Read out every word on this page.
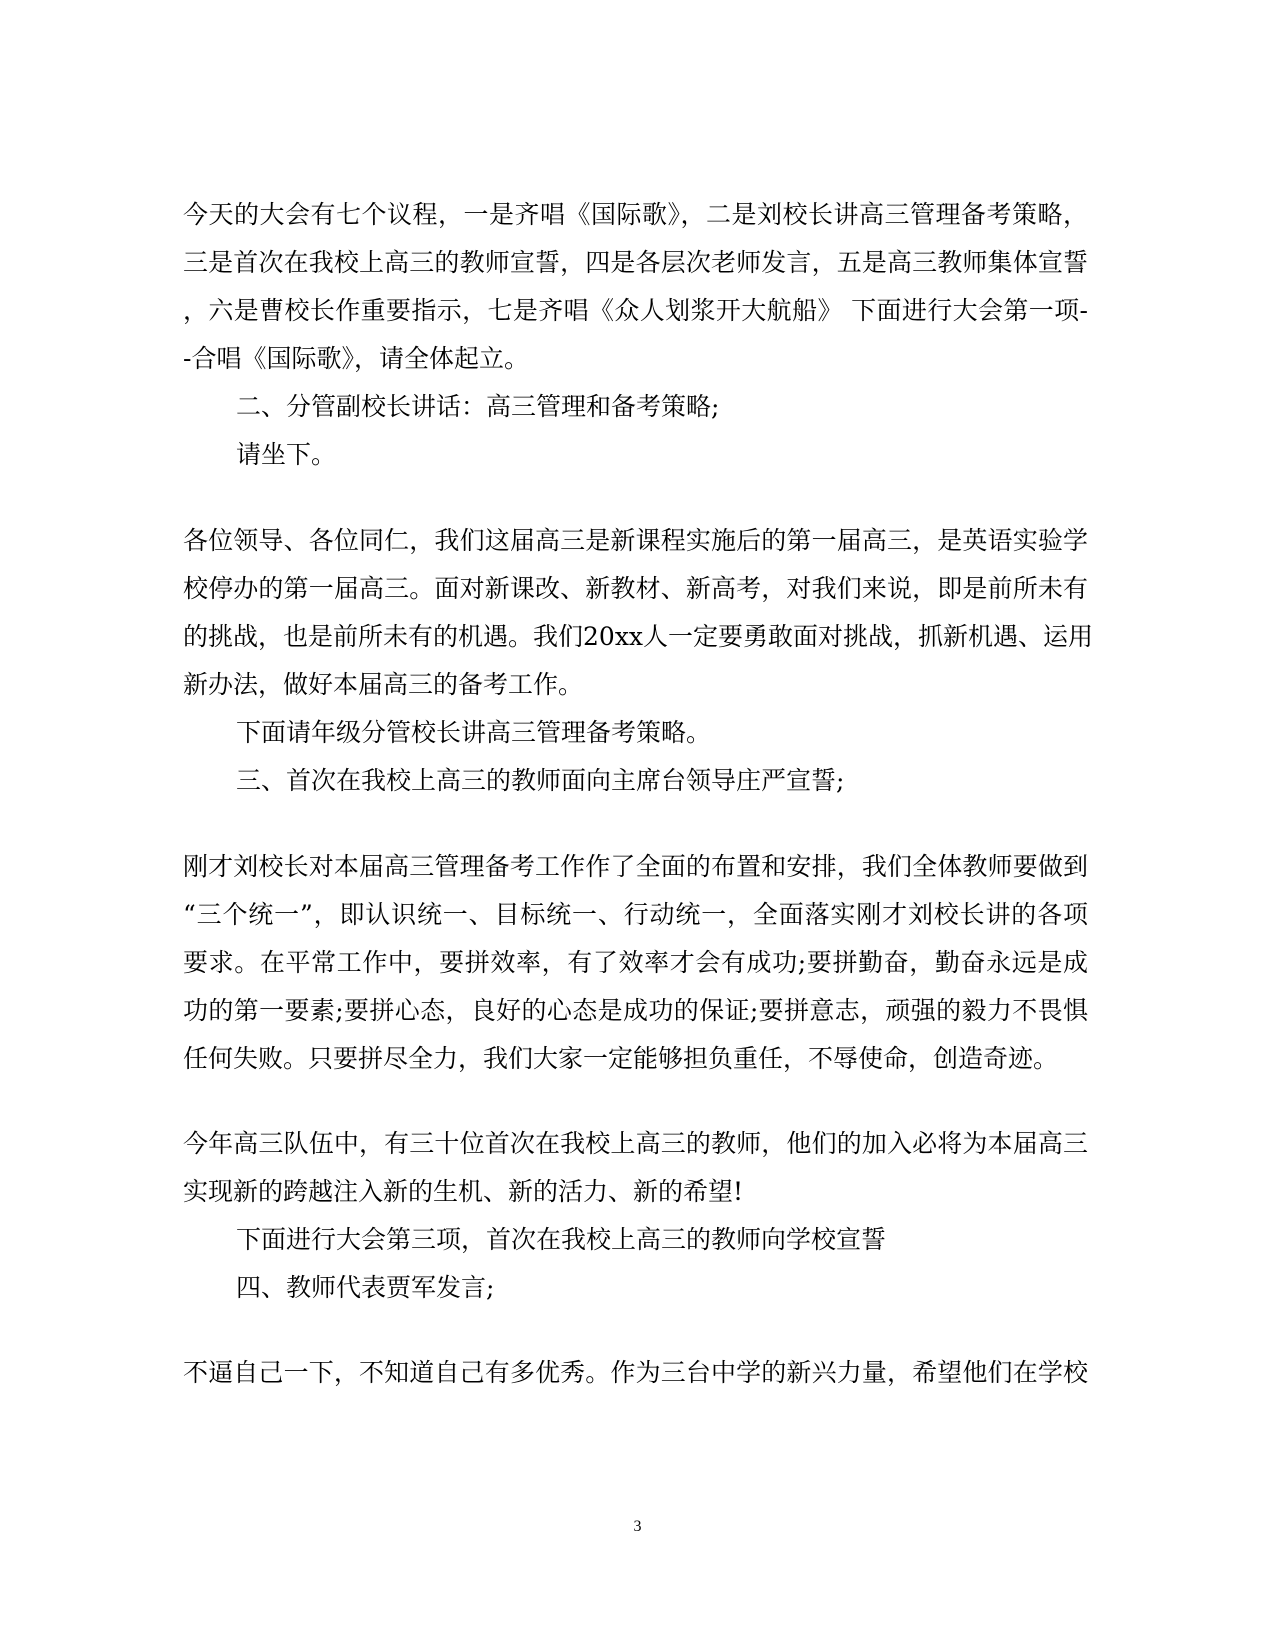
今天的大会有七个议程，一是齐唱《国际歌》，二是刘校长讲高三管理备考策略，
三是首次在我校上高三的教师宣誓，四是各层次老师发言，五是高三教师集体宣誓
，六是曹校长作重要指示，七是齐唱《众人划浆开大航船》 下面进行大会第一项-
-合唱《国际歌》，请全体起立。
二、分管副校长讲话：高三管理和备考策略;
请坐下。
各位领导、各位同仁，我们这届高三是新课程实施后的第一届高三，是英语实验学
校停办的第一届高三。面对新课改、新教材、新高考，对我们来说，即是前所未有
的挑战，也是前所未有的机遇。我们20xx人一定要勇敢面对挑战，抓新机遇、运用
新办法，做好本届高三的备考工作。
下面请年级分管校长讲高三管理备考策略。
三、首次在我校上高三的教师面向主席台领导庄严宣誓;
刚才刘校长对本届高三管理备考工作作了全面的布置和安排，我们全体教师要做到
“三个统一”，即认识统一、目标统一、行动统一，全面落实刚才刘校长讲的各项
要求。在平常工作中，要拼效率，有了效率才会有成功;要拼勤奋，勤奋永远是成
功的第一要素;要拼心态，良好的心态是成功的保证;要拼意志，顽强的毅力不畏惧
任何失败。只要拼尽全力，我们大家一定能够担负重任，不辱使命，创造奇迹。
今年高三队伍中，有三十位首次在我校上高三的教师，他们的加入必将为本届高三
实现新的跨越注入新的生机、新的活力、新的希望!
下面进行大会第三项，首次在我校上高三的教师向学校宣誓
四、教师代表贾军发言;
不逼自己一下，不知道自己有多优秀。作为三台中学的新兴力量，希望他们在学校
3
